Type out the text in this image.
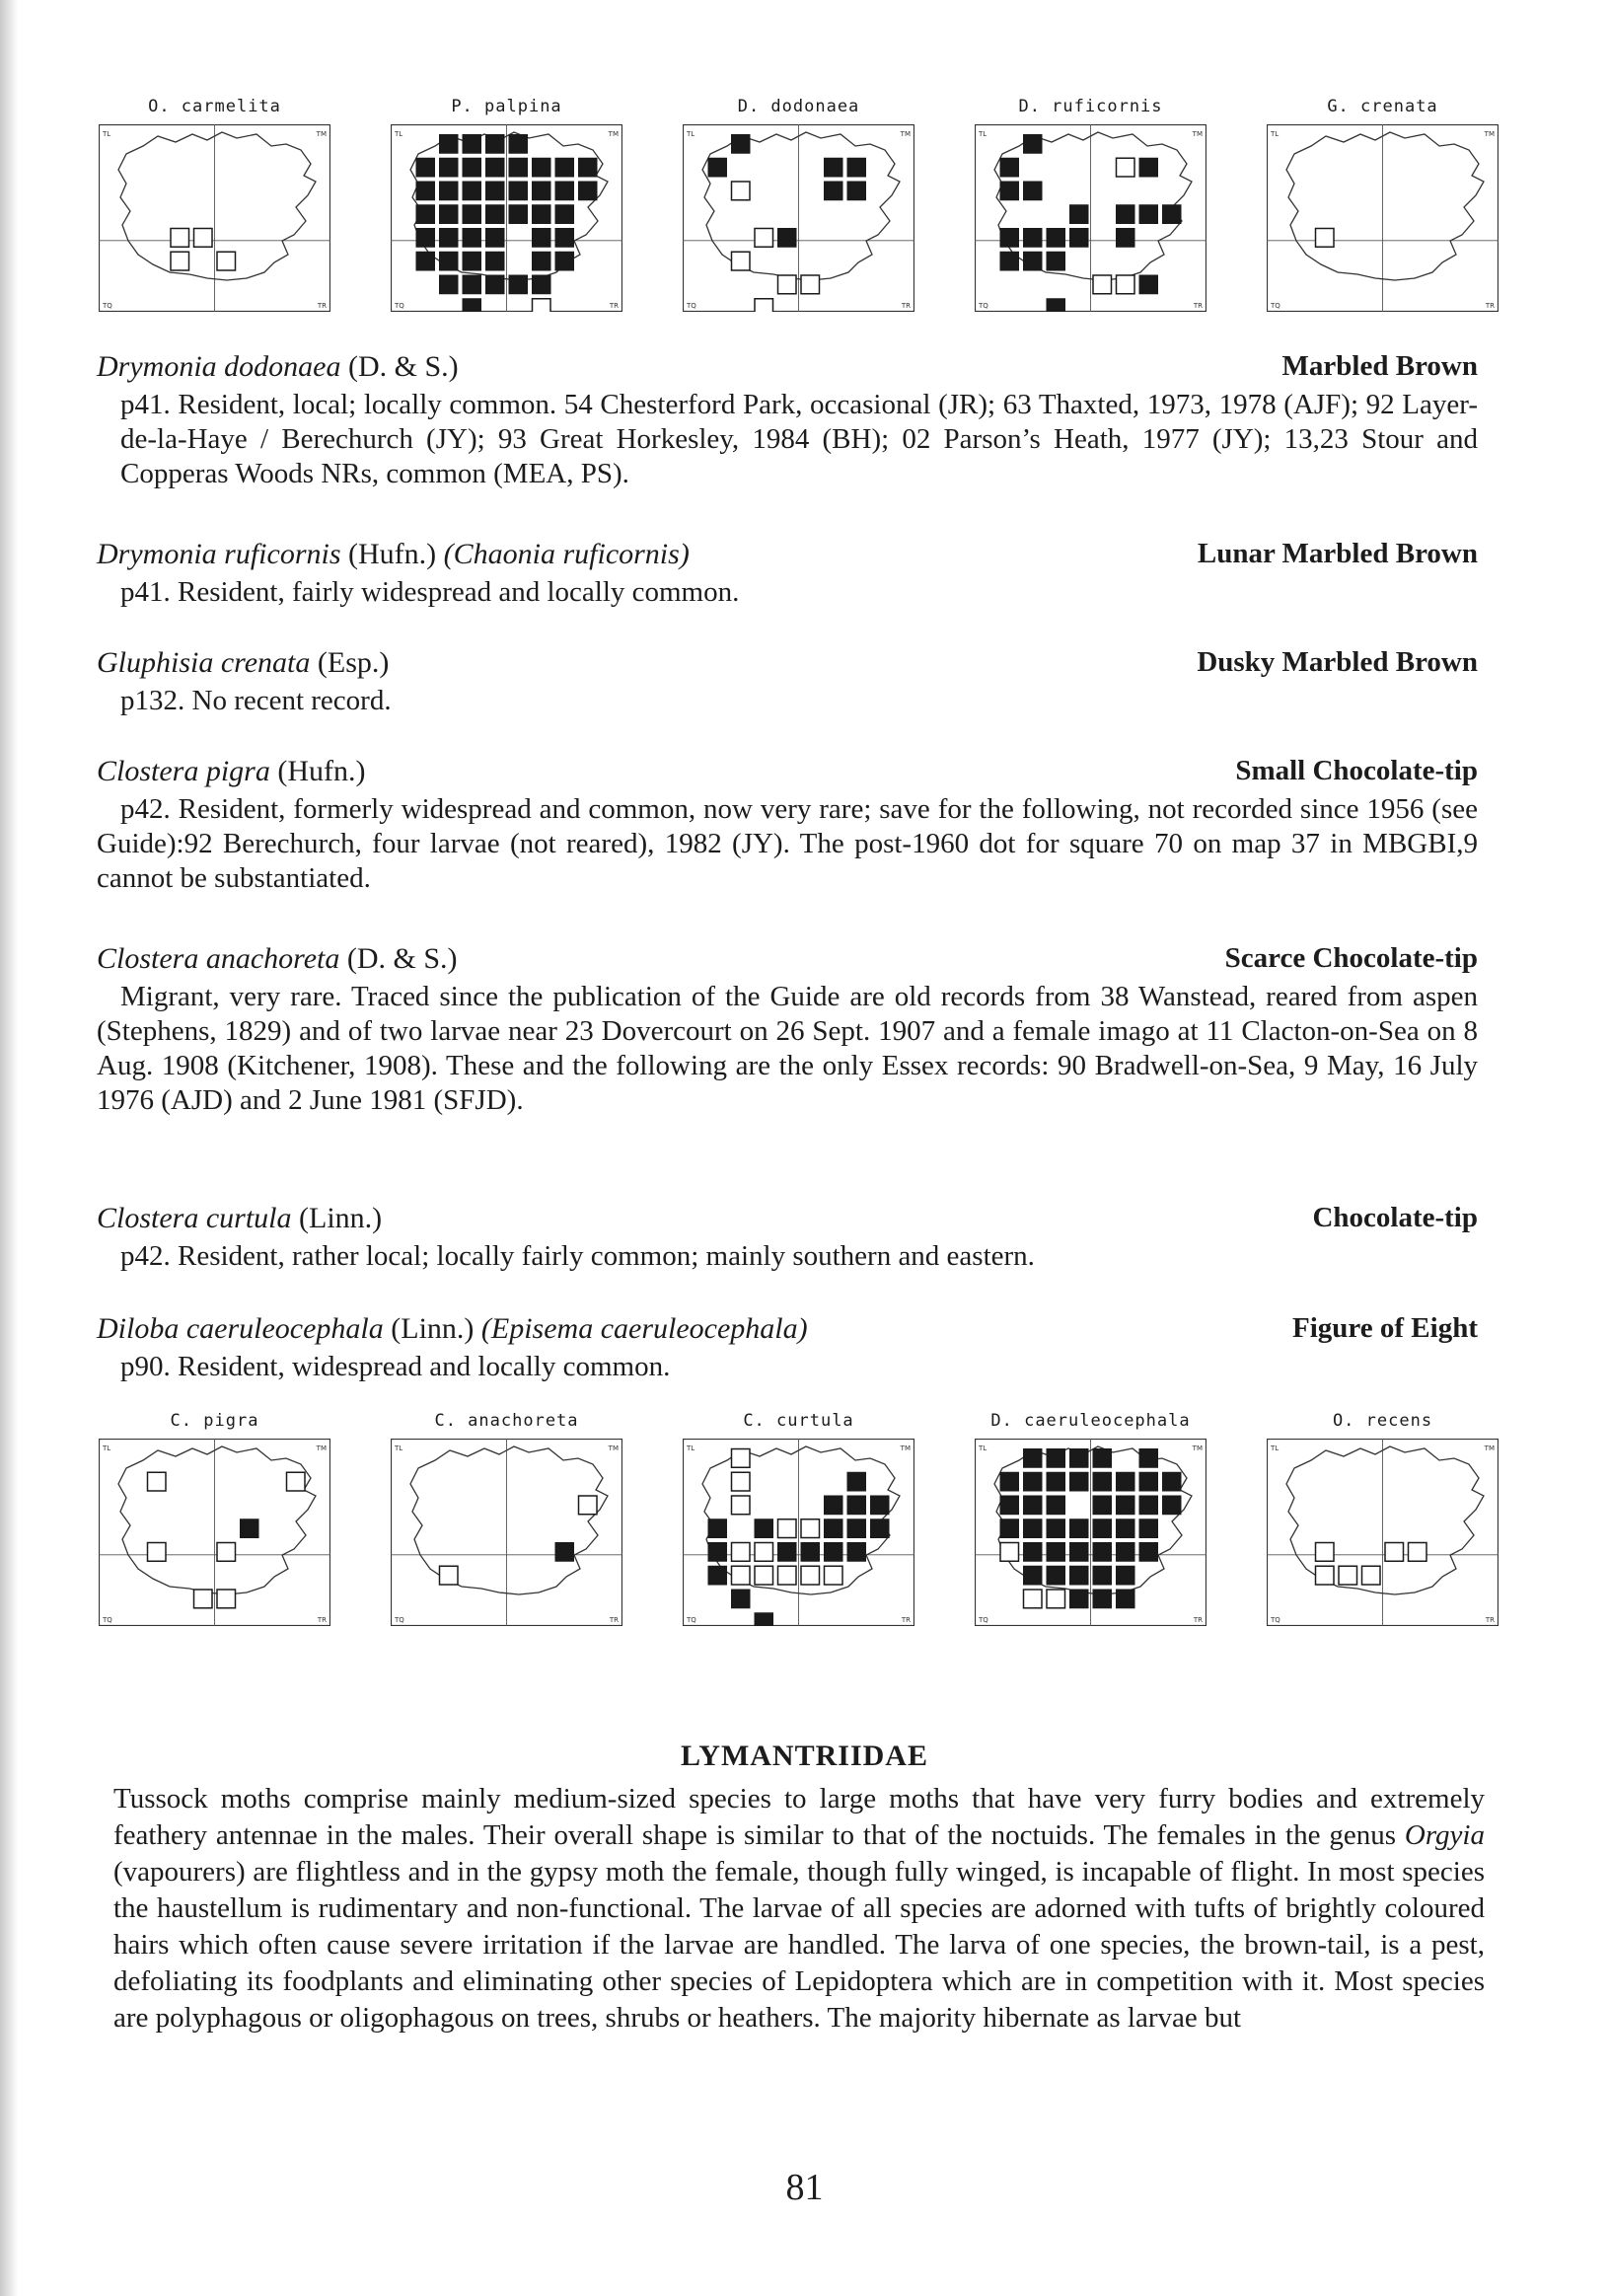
O. carmelita
TL	TM
TQ	TR
P. palpina
TL	TM
TQ	TR
D. dodonaea
TL	TM
TQ	TR
D. ruficornis
TL	TM
TQ	TR
G. crenata
TL	TM
TQ	TR
Drymonia dodonaea (D. & S.)	Marbled Brown
p41. Resident, local; locally common. 54 Chesterford Park, occasional (JR); 63 Thaxted, 1973, 1978 (AJF); 92 Layer-de-la-Haye / Berechurch (JY); 93 Great Horkesley, 1984 (BH); 02 Parson’s Heath, 1977 (JY); 13,23 Stour and Copperas Woods NRs, common (MEA, PS).
Drymonia ruficornis (Hufn.) (Chaonia ruficornis)	Lunar Marbled Brown
p41. Resident, fairly widespread and locally common.
Gluphisia crenata (Esp.)	Dusky Marbled Brown
p132. No recent record.
Clostera pigra (Hufn.)	Small Chocolate-tip
p42. Resident, formerly widespread and common, now very rare; save for the following, not recorded since 1956 (see Guide):92 Berechurch, four larvae (not reared), 1982 (JY). The post-1960 dot for square 70 on map 37 in MBGBI,9 cannot be substantiated.
Clostera anachoreta (D. & S.)	Scarce Chocolate-tip
Migrant, very rare. Traced since the publication of the Guide are old records from 38 Wanstead, reared from aspen (Stephens, 1829) and of two larvae near 23 Dovercourt on 26 Sept. 1907 and a female imago at 11 Clacton-on-Sea on 8 Aug. 1908 (Kitchener, 1908). These and the following are the only Essex records: 90 Bradwell-on-Sea, 9 May, 16 July 1976 (AJD) and 2 June 1981 (SFJD).
Clostera curtula (Linn.)	Chocolate-tip
p42. Resident, rather local; locally fairly common; mainly southern and eastern.
Diloba caeruleocephala (Linn.) (Episema caeruleocephala)	Figure of Eight
p90. Resident, widespread and locally common.
C. pigra
TL	TM
TQ	TR
C. anachoreta
TL	TM
TQ	TR
C. curtula
TL	TM
TQ	TR
D. caeruleocephala
TL	TM
TQ	TR
O. recens
TL	TM
TQ	TR
LYMANTRIIDAE
Tussock moths comprise mainly medium-sized species to large moths that have very furry bodies and extremely feathery antennae in the males. Their overall shape is similar to that of the noctuids. The females in the genus Orgyia (vapourers) are flightless and in the gypsy moth the female, though fully winged, is incapable of flight. In most species the haustellum is rudimentary and non-functional. The larvae of all species are adorned with tufts of brightly coloured hairs which often cause severe irritation if the larvae are handled. The larva of one species, the brown-tail, is a pest, defoliating its foodplants and eliminating other species of Lepidoptera which are in competition with it. Most species are polyphagous or oligophagous on trees, shrubs or heathers. The majority hibernate as larvae but
81
